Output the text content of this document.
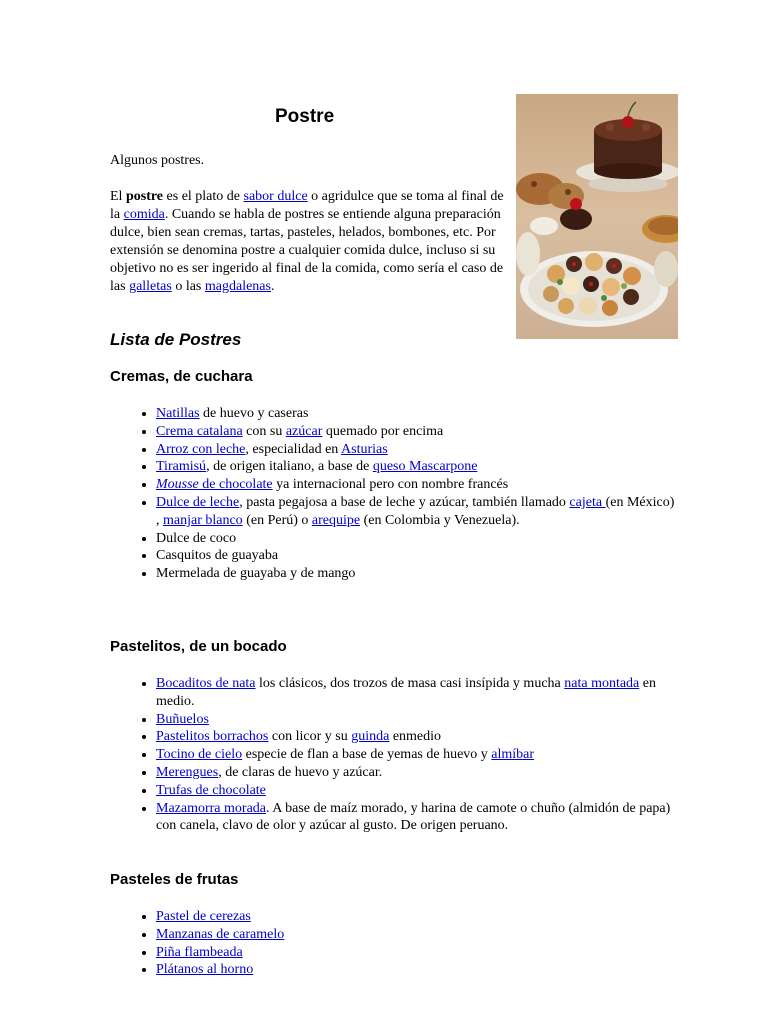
Postre

Algunos postres.

El postre es el plato de sabor dulce o agridulce que se toma al final de la comida. Cuando se habla de postres se entiende alguna preparación dulce, bien sean cremas, tartas, pasteles, helados, bombones, etc. Por extensión se denomina postre a cualquier comida dulce, incluso si su objetivo no es ser ingerido al final de la comida, como sería el caso de las galletas o las magdalenas.

Lista de Postres
Cremas, de cuchara
• Natillas de huevo y caseras
• Crema catalana con su azúcar quemado por encima
• Arroz con leche, especialidad en Asturias
• Tiramisú, de origen italiano, a base de queso Mascarpone
• Mousse de chocolate ya internacional pero con nombre francés
• Dulce de leche, pasta pegajosa a base de leche y azúcar, también llamado cajeta (en México) , manjar blanco (en Perú) o arequipe (en Colombia y Venezuela).
• Dulce de coco
• Casquitos de guayaba
• Mermelada de guayaba y de mango
Pastelitos, de un bocado
• Bocaditos de nata los clásicos, dos trozos de masa casi insípida y mucha nata montada en medio.
• Buñuelos
• Pastelitos borrachos con licor y su guinda enmedio
• Tocino de cielo especie de flan a base de yemas de huevo y almíbar
• Merengues, de claras de huevo y azúcar.
• Trufas de chocolate
• Mazamorra morada. A base de maíz morado, y harina de camote o chuño (almidón de papa) con canela, clavo de olor y azúcar al gusto. De origen peruano.
Pasteles de frutas
• Pastel de cerezas
• Manzanas de caramelo
• Piña flambeada
• Plátanos al horno
